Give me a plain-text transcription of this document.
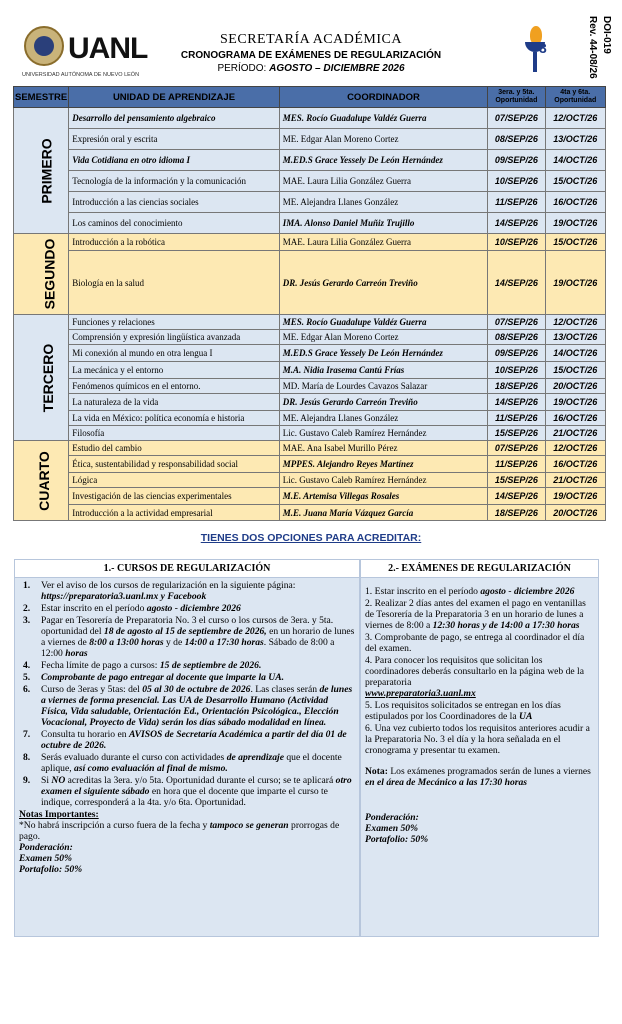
UANL
UNIVERSIDAD AUTÓNOMA DE NUEVO LEÓN
SECRETARÍA ACADÉMICA
CRONOGRAMA DE EXÁMENES DE REGULARIZACIÓN
PERÍODO: AGOSTO – DICIEMBRE 2026
3	DOI-019
Rev. 44-08/26
SEMESTRE	UNIDAD DE APRENDIZAJE	COORDINADOR	3era. y 5ta. Oportunidad	4ta y 6ta. Oportunidad
PRIMERO	Desarrollo del pensamiento algebraico	MES. Rocío Guadalupe Valdéz Guerra	07/SEP/26	12/OCT/26
	Expresión oral y escrita	ME. Edgar Alan Moreno Cortez	08/SEP/26	13/OCT/26
	Vida Cotidiana en otro idioma I	M.ED.S Grace Yessely De León Hernández	09/SEP/26	14/OCT/26
	Tecnología de la información y la comunicación	MAE. Laura Lilia González Guerra	10/SEP/26	15/OCT/26
	Introducción a las ciencias sociales	ME. Alejandra Llanes González	11/SEP/26	16/OCT/26
	Los caminos del conocimiento	IMA. Alonso Daniel Muñiz Trujillo	14/SEP/26	19/OCT/26
SEGUNDO	Introducción a la robótica	MAE. Laura Lilia González Guerra	10/SEP/26	15/OCT/26
	Biología en la salud	DR. Jesús Gerardo Carreón Treviño	14/SEP/26	19/OCT/26
TERCERO	Funciones y relaciones	MES. Rocío Guadalupe Valdéz Guerra	07/SEP/26	12/OCT/26
	Comprensión y expresión lingüística avanzada	ME. Edgar Alan Moreno Cortez	08/SEP/26	13/OCT/26
	Mi conexión al mundo en otra lengua I	M.ED.S Grace Yessely De León Hernández	09/SEP/26	14/OCT/26
	La mecánica y el entorno	M.A. Nidia Irasema Cantú Frías	10/SEP/26	15/OCT/26
	Fenómenos químicos en el entorno.	MD. María de Lourdes Cavazos Salazar	18/SEP/26	20/OCT/26
	La naturaleza de la vida	DR. Jesús Gerardo Carreón Treviño	14/SEP/26	19/OCT/26
	La vida en México: política economía e historia	ME. Alejandra Llanes González	11/SEP/26	16/OCT/26
	Filosofía	Lic. Gustavo Caleb Ramírez Hernández	15/SEP/26	21/OCT/26
CUARTO	Estudio del cambio	MAE. Ana Isabel Murillo Pérez	07/SEP/26	12/OCT/26
	Ética, sustentabilidad y responsabilidad social	MPPES. Alejandro Reyes Martínez	11/SEP/26	16/OCT/26
	Lógica	Lic. Gustavo Caleb Ramírez Hernández	15/SEP/26	21/OCT/26
	Investigación de las ciencias experimentales	M.E. Artemisa Villegas Rosales	14/SEP/26	19/OCT/26
	Introducción a la actividad empresarial	M.E. Juana María Vázquez García	18/SEP/26	20/OCT/26
TIENES DOS OPCIONES PARA ACREDITAR:
1.- CURSOS DE REGULARIZACIÓN
1. Ver el aviso de los cursos de regularización en la siguiente página: https://preparatoria3.uanl.mx y Facebook
2. Estar inscrito en el período agosto - diciembre 2026
3. Pagar en Tesorería de Preparatoria No. 3 el curso o los cursos de 3era. y 5ta. oportunidad del 18 de agosto al 15 de septiembre de 2026, en un horario de lunes a viernes de 8:00 a 13:00 horas y de 14:00 a 17:30 horas. Sábado de 8:00 a 12:00 horas
4. Fecha límite de pago a cursos: 15 de septiembre de 2026.
5. Comprobante de pago entregar al docente que imparte la UA.
6. Curso de 3eras y 5tas: del 05 al 30 de octubre de 2026. Las clases serán de lunes a viernes de forma presencial. Las UA de Desarrollo Humano (Actividad Física, Vida saludable, Orientación Ed., Orientación Psicológica., Elección Vocacional, Proyecto de Vida) serán los días sábado modalidad en línea.
7. Consulta tu horario en AVISOS de Secretaría Académica a partir del día 01 de octubre de 2026.
8. Serás evaluado durante el curso con actividades de aprendizaje que el docente aplique, así como evaluación al final de mismo.
9. Si NO acreditas la 3era. y/o 5ta. Oportunidad durante el curso; se te aplicará otro examen el siguiente sábado en hora que el docente que imparte el curso te indique, corresponderá a la 4ta. y/o 6ta. Oportunidad.
Notas Importantes:
*No habrá inscripción a curso fuera de la fecha y tampoco se generan prorrogas de pago.
Ponderación:
Examen 50%
Portafolio: 50%
2.- EXÁMENES DE REGULARIZACIÓN
1. Estar inscrito en el período agosto - diciembre 2026
2. Realizar 2 días antes del examen el pago en ventanillas de Tesorería de la Preparatoria 3 en un horario de lunes a viernes de 8:00 a 12:30 horas y de 14:00 a 17:30 horas
3. Comprobante de pago, se entrega al coordinador el día del examen.
4. Para conocer los requisitos que solicitan los coordinadores deberás consultarlo en la página web de la preparatoria
www.preparatoria3.uanl.mx
5. Los requisitos solicitados se entregan en los días estipulados por los Coordinadores de la UA
6. Una vez cubierto todos los requisitos anteriores acudir a la Preparatoria No. 3 el día y la hora señalada en el cronograma y presentar tu examen.
Nota: Los exámenes programados serán de lunes a viernes en el área de Mecánico a las 17:30 horas
Ponderación:
Examen 50%
Portafolio: 50%
